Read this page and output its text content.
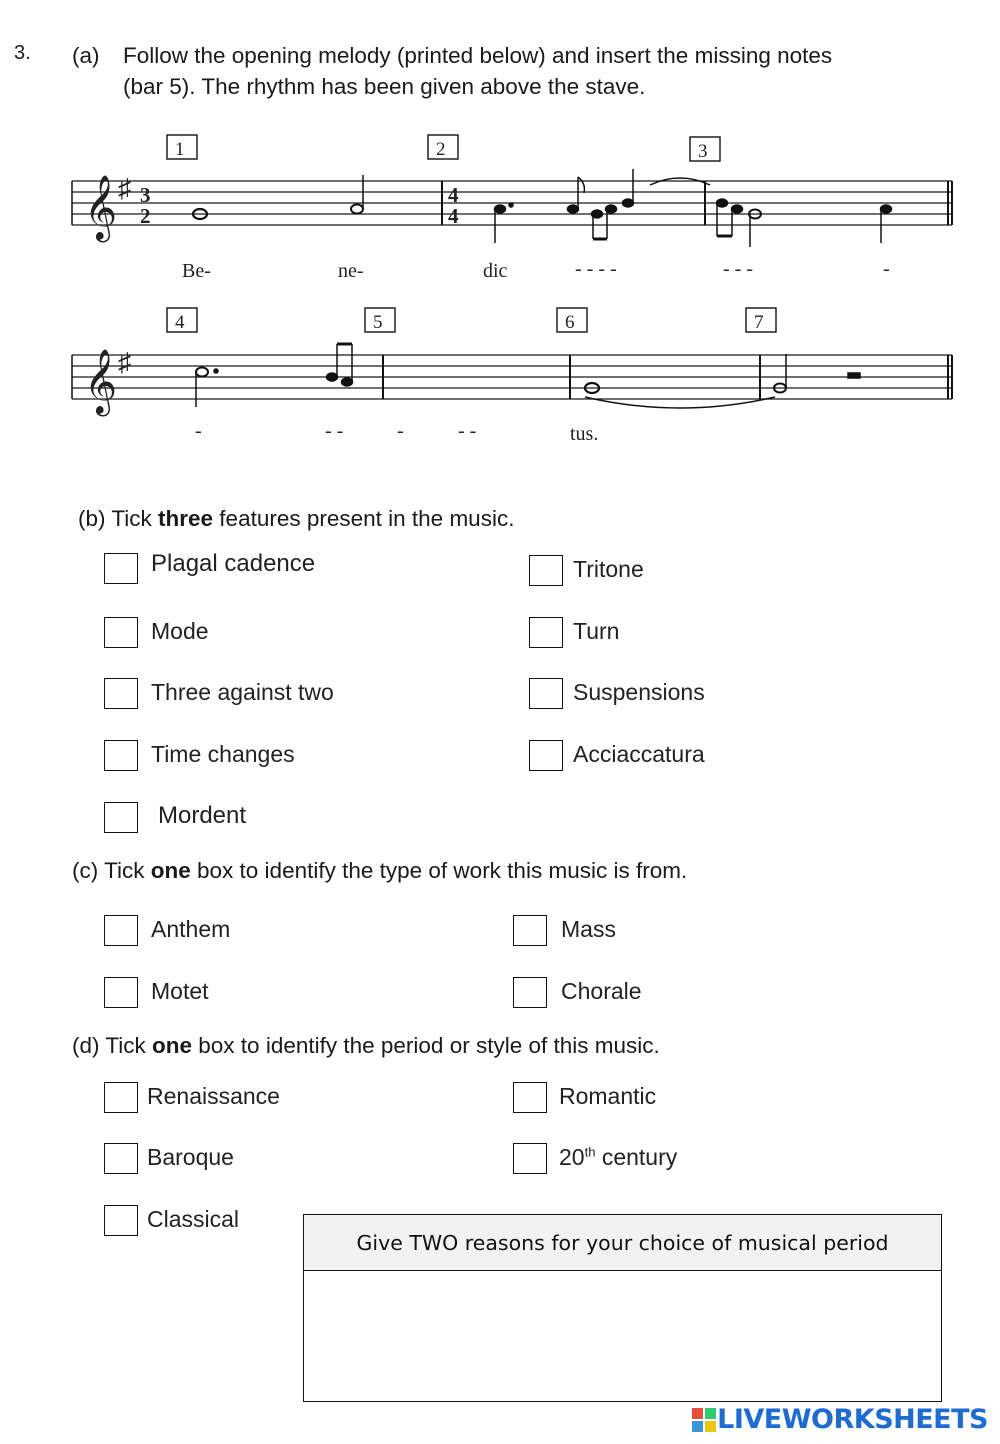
3. (a) Follow the opening melody (printed below) and insert the missing notes
(bar 5). The rhythm has been given above the stave.
𝄞
𝄞
♯
♯
3
2
4
4
1	2	3
4	5	6	7
Be-	ne-	dic	- - - -	- - -	-
-	- -	-	- -	tus.
(b) Tick three features present in the music.
Plagal cadence
Mode
Three against two
Time changes
Mordent
Tritone
Turn
Suspensions
Acciaccatura
(c) Tick one box to identify the type of work this music is from.
Anthem
Motet
Mass
Chorale
(d) Tick one box to identify the period or style of this music.
Renaissance
Baroque
Classical
Romantic
20th century
Give TWO reasons for your choice of musical period
LIVEWORKSHEETS
